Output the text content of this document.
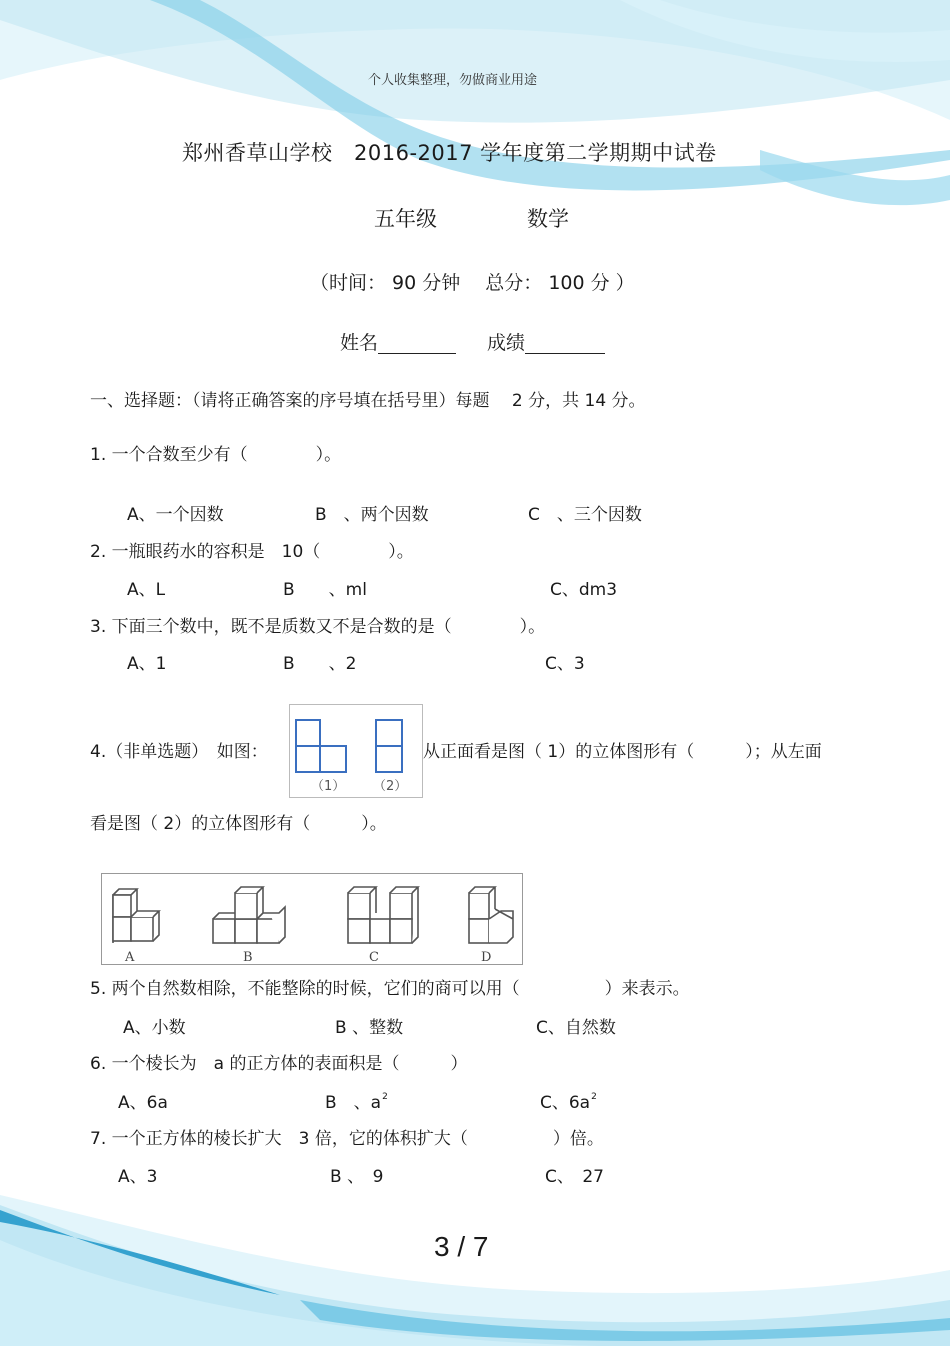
个人收集整理，勿做商业用途
郑州香草山学校　2016-2017 学年度第二学期期中试卷
五年级	数学
（时间： 90 分钟　 总分： 100 分 ）
姓名	成绩
一、选择题：（请将正确答案的序号填在括号里）每题　 2 分，共 14 分。
1. 一个合数至少有（　　　　）。
A、一个因数	B　、两个因数	C　、三个因数
2. 一瓶眼药水的容积是　10（　　　　）。
A、L	B　　、ml	C、dm3
3. 下面三个数中，既不是质数又不是合数的是（　　　　）。
A、1	B　　、2	C、3
4.（非单选题）　如图：
（1） （2）
从正面看是图（ 1）的立体图形有（　　　）；从左面
看是图（ 2）的立体图形有（　　　）。
A	B	C	D
5. 两个自然数相除，不能整除的时候，它们的商可以用（　　　　　）来表示。
A、小数	B 、整数	C、自然数
6. 一个棱长为　a 的正方体的表面积是（　　　）
A、6a	B　、$a^2$	C、$6a^2$
7. 一个正方体的棱长扩大　3 倍，它的体积扩大（　　　　　）倍。
A、3	B 、　9	C、　27
3 / 7
